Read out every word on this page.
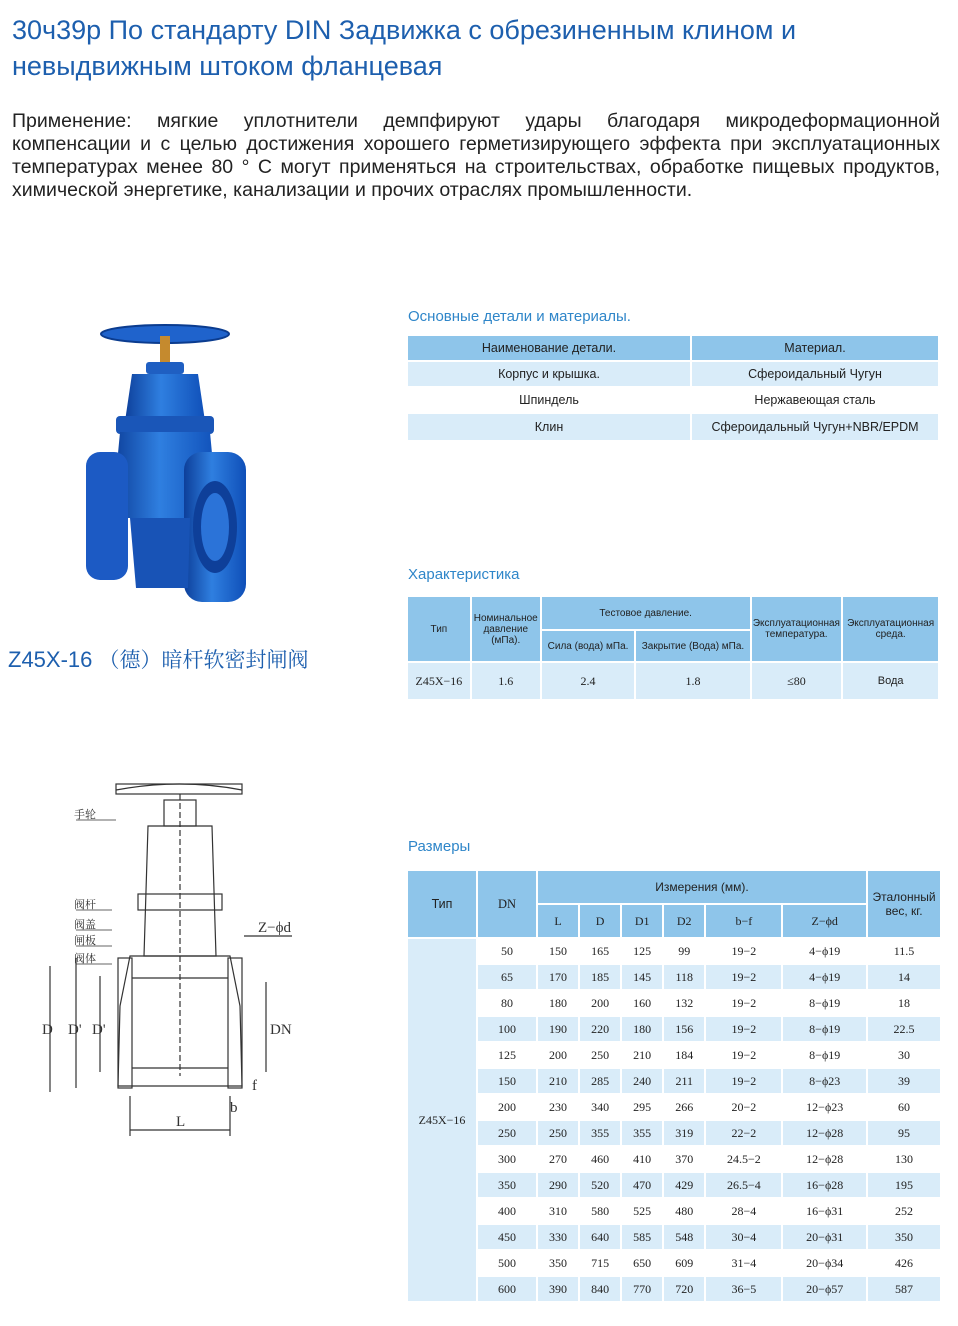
30ч39р По стандарту DIN Задвижка с обрезиненным клином и невыдвижным штоком фланцевая
Применение: мягкие уплотнители демпфируют удары благодаря микродеформационной компенсации и с целью достижения хорошего герметизирующего эффекта при эксплуатационных температурах менее 80 ° С могут применяться на строительствах, обработке пищевых продуктов, химической энергетике, канализации и прочих отраслях промышленности.
Z45X-16 （德）暗杆软密封闸阀
Основные детали и материалы.
Наименование детали.	Материал.
Корпус и крышка.	Сфероидальный Чугун
Шпиндель	Нержавеющая сталь
Клин	Сфероидальный Чугун+NBR/EPDM
Характеристика
Тип	Номинальное давление (мПа).	Тестовое давление.		Эксплуатационная температура.	Эксплуатационная среда.
		Сила (вода) мПа.	Закрытие (Вода) мПа.		
Z45X−16	1.6	2.4	1.8	≤80	Вода
手轮
阀杆
阀盖
闸板
阀体
Z−ϕd
D D' D'	DN
f
b
L
Размеры
Тип	DN	Измерения (мм).						Эталонный вес, кг.
		L	D	D1	D2	b−f	Z−ϕd	
Z45X−16	50	150	165	125	99	19−2	4−ϕ19	11.5
	65	170	185	145	118	19−2	4−ϕ19	14
	80	180	200	160	132	19−2	8−ϕ19	18
	100	190	220	180	156	19−2	8−ϕ19	22.5
	125	200	250	210	184	19−2	8−ϕ19	30
	150	210	285	240	211	19−2	8−ϕ23	39
	200	230	340	295	266	20−2	12−ϕ23	60
	250	250	355	355	319	22−2	12−ϕ28	95
	300	270	460	410	370	24.5−2	12−ϕ28	130
	350	290	520	470	429	26.5−4	16−ϕ28	195
	400	310	580	525	480	28−4	16−ϕ31	252
	450	330	640	585	548	30−4	20−ϕ31	350
	500	350	715	650	609	31−4	20−ϕ34	426
	600	390	840	770	720	36−5	20−ϕ57	587
